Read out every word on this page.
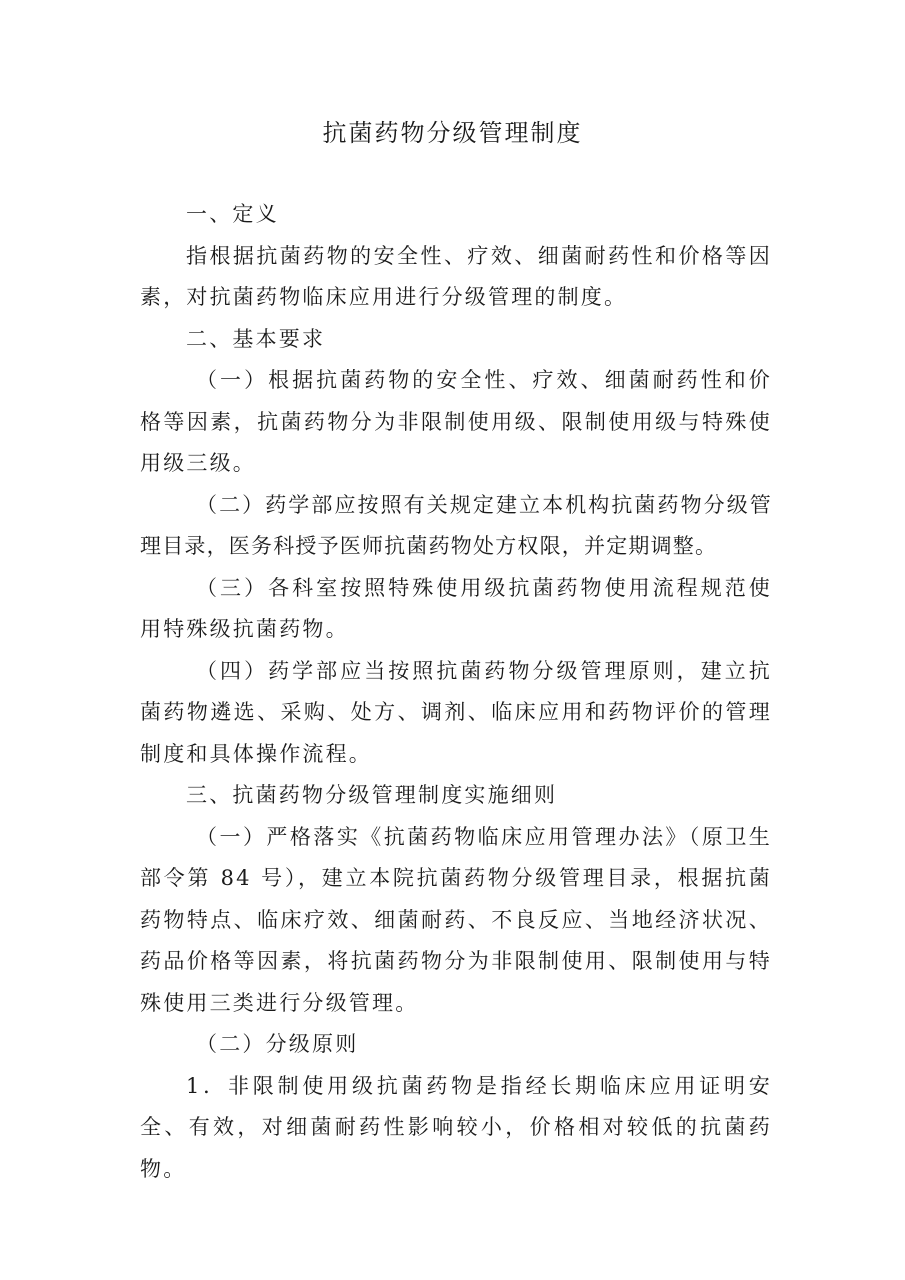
抗菌药物分级管理制度

一、定义

指根据抗菌药物的安全性、疗效、细菌耐药性和价格等因素，对抗菌药物临床应用进行分级管理的制度。

二、基本要求

（一）根据抗菌药物的安全性、疗效、细菌耐药性和价格等因素，抗菌药物分为非限制使用级、限制使用级与特殊使用级三级。

（二）药学部应按照有关规定建立本机构抗菌药物分级管理目录，医务科授予医师抗菌药物处方权限，并定期调整。

（三）各科室按照特殊使用级抗菌药物使用流程规范使用特殊级抗菌药物。

（四）药学部应当按照抗菌药物分级管理原则，建立抗菌药物遴选、采购、处方、调剂、临床应用和药物评价的管理制度和具体操作流程。

三、抗菌药物分级管理制度实施细则

（一）严格落实《抗菌药物临床应用管理办法》（原卫生部令第 84 号），建立本院抗菌药物分级管理目录，根据抗菌药物特点、临床疗效、细菌耐药、不良反应、当地经济状况、药品价格等因素，将抗菌药物分为非限制使用、限制使用与特殊使用三类进行分级管理。

（二）分级原则

1．非限制使用级抗菌药物是指经长期临床应用证明安全、有效，对细菌耐药性影响较小，价格相对较低的抗菌药物。
